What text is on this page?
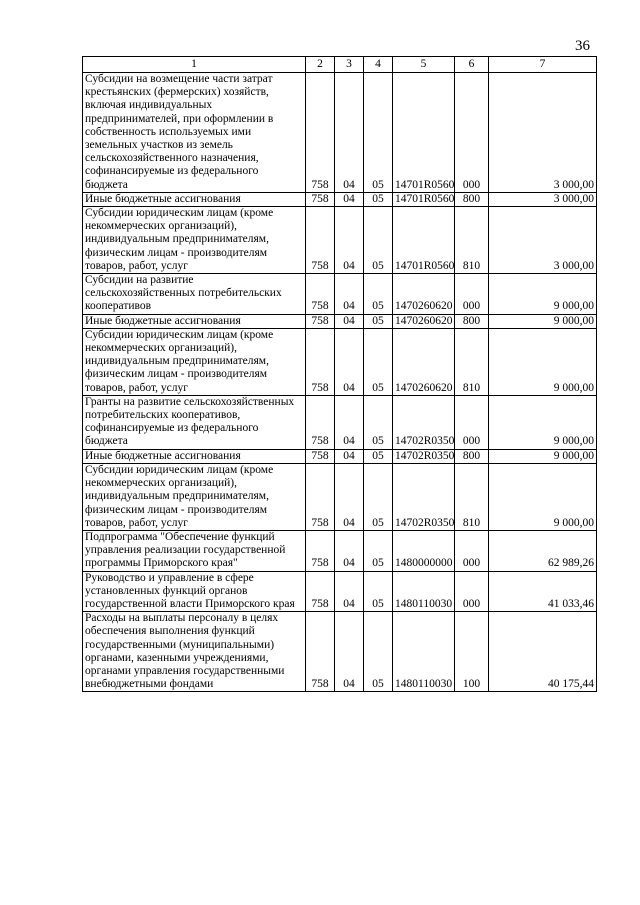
36
1	2	3	4	5	6	7
Субсидии на возмещение части затрат крестьянских (фермерских) хозяйств, включая индивидуальных предпринимателей, при оформлении в собственность используемых ими земельных участков из земель сельскохозяйственного назначения, софинансируемые из федерального бюджета	758	04	05	14701R0560	000	3 000,00
Иные бюджетные ассигнования	758	04	05	14701R0560	800	3 000,00
Субсидии юридическим лицам (кроме некоммерческих организаций), индивидуальным предпринимателям, физическим лицам - производителям товаров, работ, услуг	758	04	05	14701R0560	810	3 000,00
Субсидии на развитие сельскохозяйственных потребительских кооперативов	758	04	05	1470260620	000	9 000,00
Иные бюджетные ассигнования	758	04	05	1470260620	800	9 000,00
Субсидии юридическим лицам (кроме некоммерческих организаций), индивидуальным предпринимателям, физическим лицам - производителям товаров, работ, услуг	758	04	05	1470260620	810	9 000,00
Гранты на развитие сельскохозяйственных потребительских кооперативов, софинансируемые из федерального бюджета	758	04	05	14702R0350	000	9 000,00
Иные бюджетные ассигнования	758	04	05	14702R0350	800	9 000,00
Субсидии юридическим лицам (кроме некоммерческих организаций), индивидуальным предпринимателям, физическим лицам - производителям товаров, работ, услуг	758	04	05	14702R0350	810	9 000,00
Подпрограмма "Обеспечение функций управления реализации государственной программы Приморского края"	758	04	05	1480000000	000	62 989,26
Руководство и управление в сфере установленных функций органов государственной власти Приморского края	758	04	05	1480110030	000	41 033,46
Расходы на выплаты персоналу в целях обеспечения выполнения функций государственными (муниципальными) органами, казенными учреждениями, органами управления государственными внебюджетными фондами	758	04	05	1480110030	100	40 175,44
